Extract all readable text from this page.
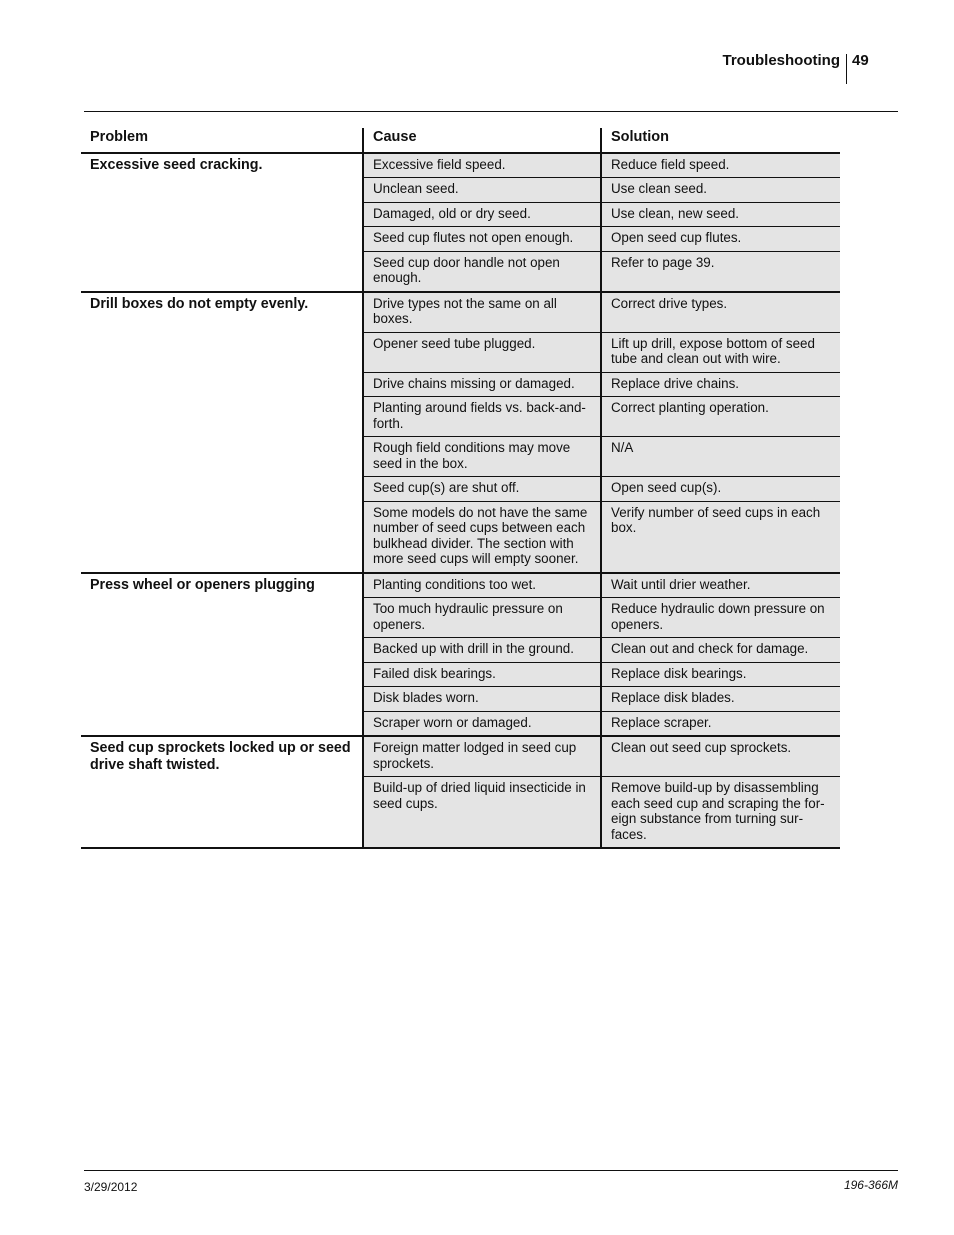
Troubleshooting 49
Problem	Cause	Solution
Excessive seed cracking.	Excessive field speed.	Reduce field speed.
	Unclean seed.	Use clean seed.
	Damaged, old or dry seed.	Use clean, new seed.
	Seed cup flutes not open enough.	Open seed cup flutes.
	Seed cup door handle not open enough.	Refer to page 39.
Drill boxes do not empty evenly.	Drive types not the same on all boxes.	Correct drive types.
	Opener seed tube plugged.	Lift up drill, expose bottom of seed tube and clean out with wire.
	Drive chains missing or damaged.	Replace drive chains.
	Planting around fields vs. back-and-forth.	Correct planting operation.
	Rough field conditions may move seed in the box.	N/A
	Seed cup(s) are shut off.	Open seed cup(s).
	Some models do not have the same number of seed cups between each bulkhead divider. The section with more seed cups will empty sooner.	Verify number of seed cups in each box.
Press wheel or openers plugging	Planting conditions too wet.	Wait until drier weather.
	Too much hydraulic pressure on openers.	Reduce hydraulic down pressure on openers.
	Backed up with drill in the ground.	Clean out and check for damage.
	Failed disk bearings.	Replace disk bearings.
	Disk blades worn.	Replace disk blades.
	Scraper worn or damaged.	Replace scraper.
Seed cup sprockets locked up or seed drive shaft twisted.	Foreign matter lodged in seed cup sprockets.	Clean out seed cup sprockets.
	Build-up of dried liquid insecticide in seed cups.	Remove build-up by disassembling each seed cup and scraping the for-eign substance from turning sur-faces.
3/29/2012	196-366M
